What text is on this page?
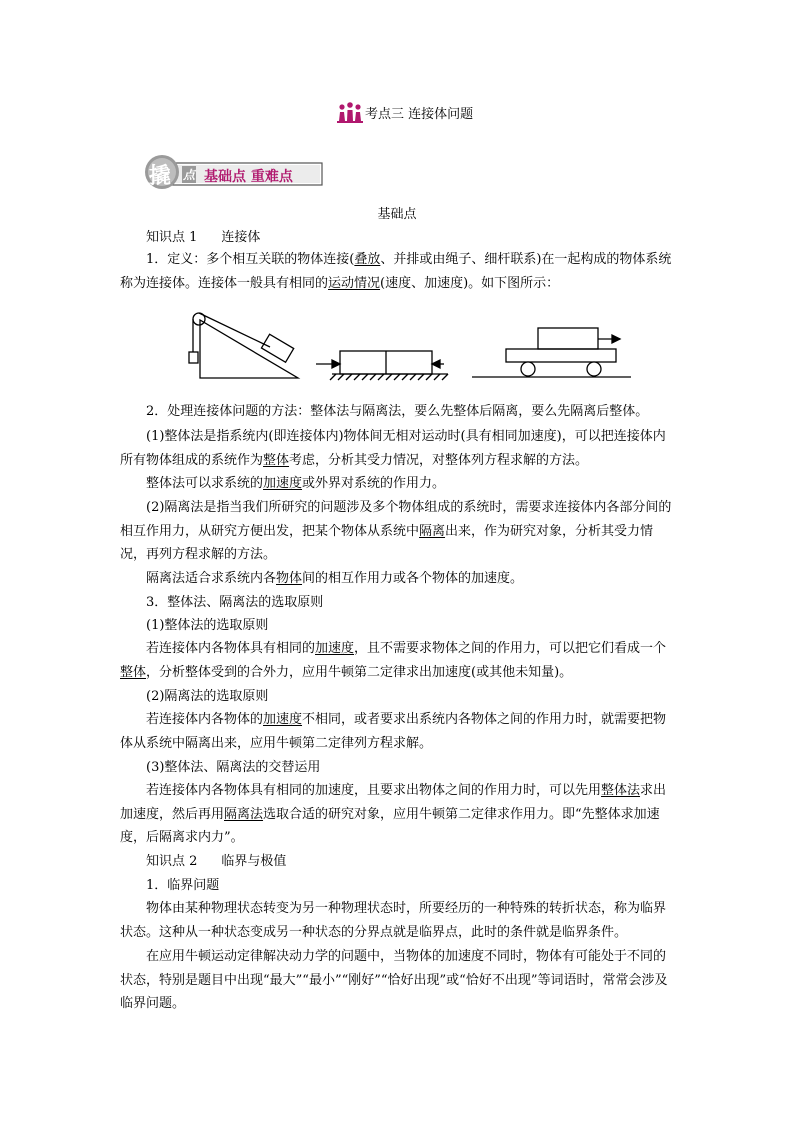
考点三 连接体问题
撬 点 基础点 重难点
基础点
知识点 1 连接体

1．定义：多个相互关联的物体连接(叠放、并排或由绳子、细杆联系)在一起构成的物体系统称为连接体。连接体一般具有相同的运动情况(速度、加速度)。如下图所示：

2．处理连接体问题的方法：整体法与隔离法，要么先整体后隔离，要么先隔离后整体。

(1)整体法是指系统内(即连接体内)物体间无相对运动时(具有相同加速度)，可以把连接体内所有物体组成的系统作为整体考虑，分析其受力情况，对整体列方程求解的方法。

整体法可以求系统的加速度或外界对系统的作用力。

(2)隔离法是指当我们所研究的问题涉及多个物体组成的系统时，需要求连接体内各部分间的相互作用力，从研究方便出发，把某个物体从系统中隔离出来，作为研究对象，分析其受力情况，再列方程求解的方法。

隔离法适合求系统内各物体间的相互作用力或各个物体的加速度。

3．整体法、隔离法的选取原则

(1)整体法的选取原则

若连接体内各物体具有相同的加速度，且不需要求物体之间的作用力，可以把它们看成一个整体，分析整体受到的合外力，应用牛顿第二定律求出加速度(或其他未知量)。

(2)隔离法的选取原则

若连接体内各物体的加速度不相同，或者要求出系统内各物体之间的作用力时，就需要把物体从系统中隔离出来，应用牛顿第二定律列方程求解。

(3)整体法、隔离法的交替运用

若连接体内各物体具有相同的加速度，且要求出物体之间的作用力时，可以先用整体法求出加速度，然后再用隔离法选取合适的研究对象，应用牛顿第二定律求作用力。即“先整体求加速度，后隔离求内力”。

知识点 2 临界与极值

1．临界问题

物体由某种物理状态转变为另一种物理状态时，所要经历的一种特殊的转折状态，称为临界状态。这种从一种状态变成另一种状态的分界点就是临界点，此时的条件就是临界条件。

在应用牛顿运动定律解决动力学的问题中，当物体的加速度不同时，物体有可能处于不同的状态，特别是题目中出现“最大”“最小”“刚好”“恰好出现”或“恰好不出现”等词语时，常常会涉及临界问题。
